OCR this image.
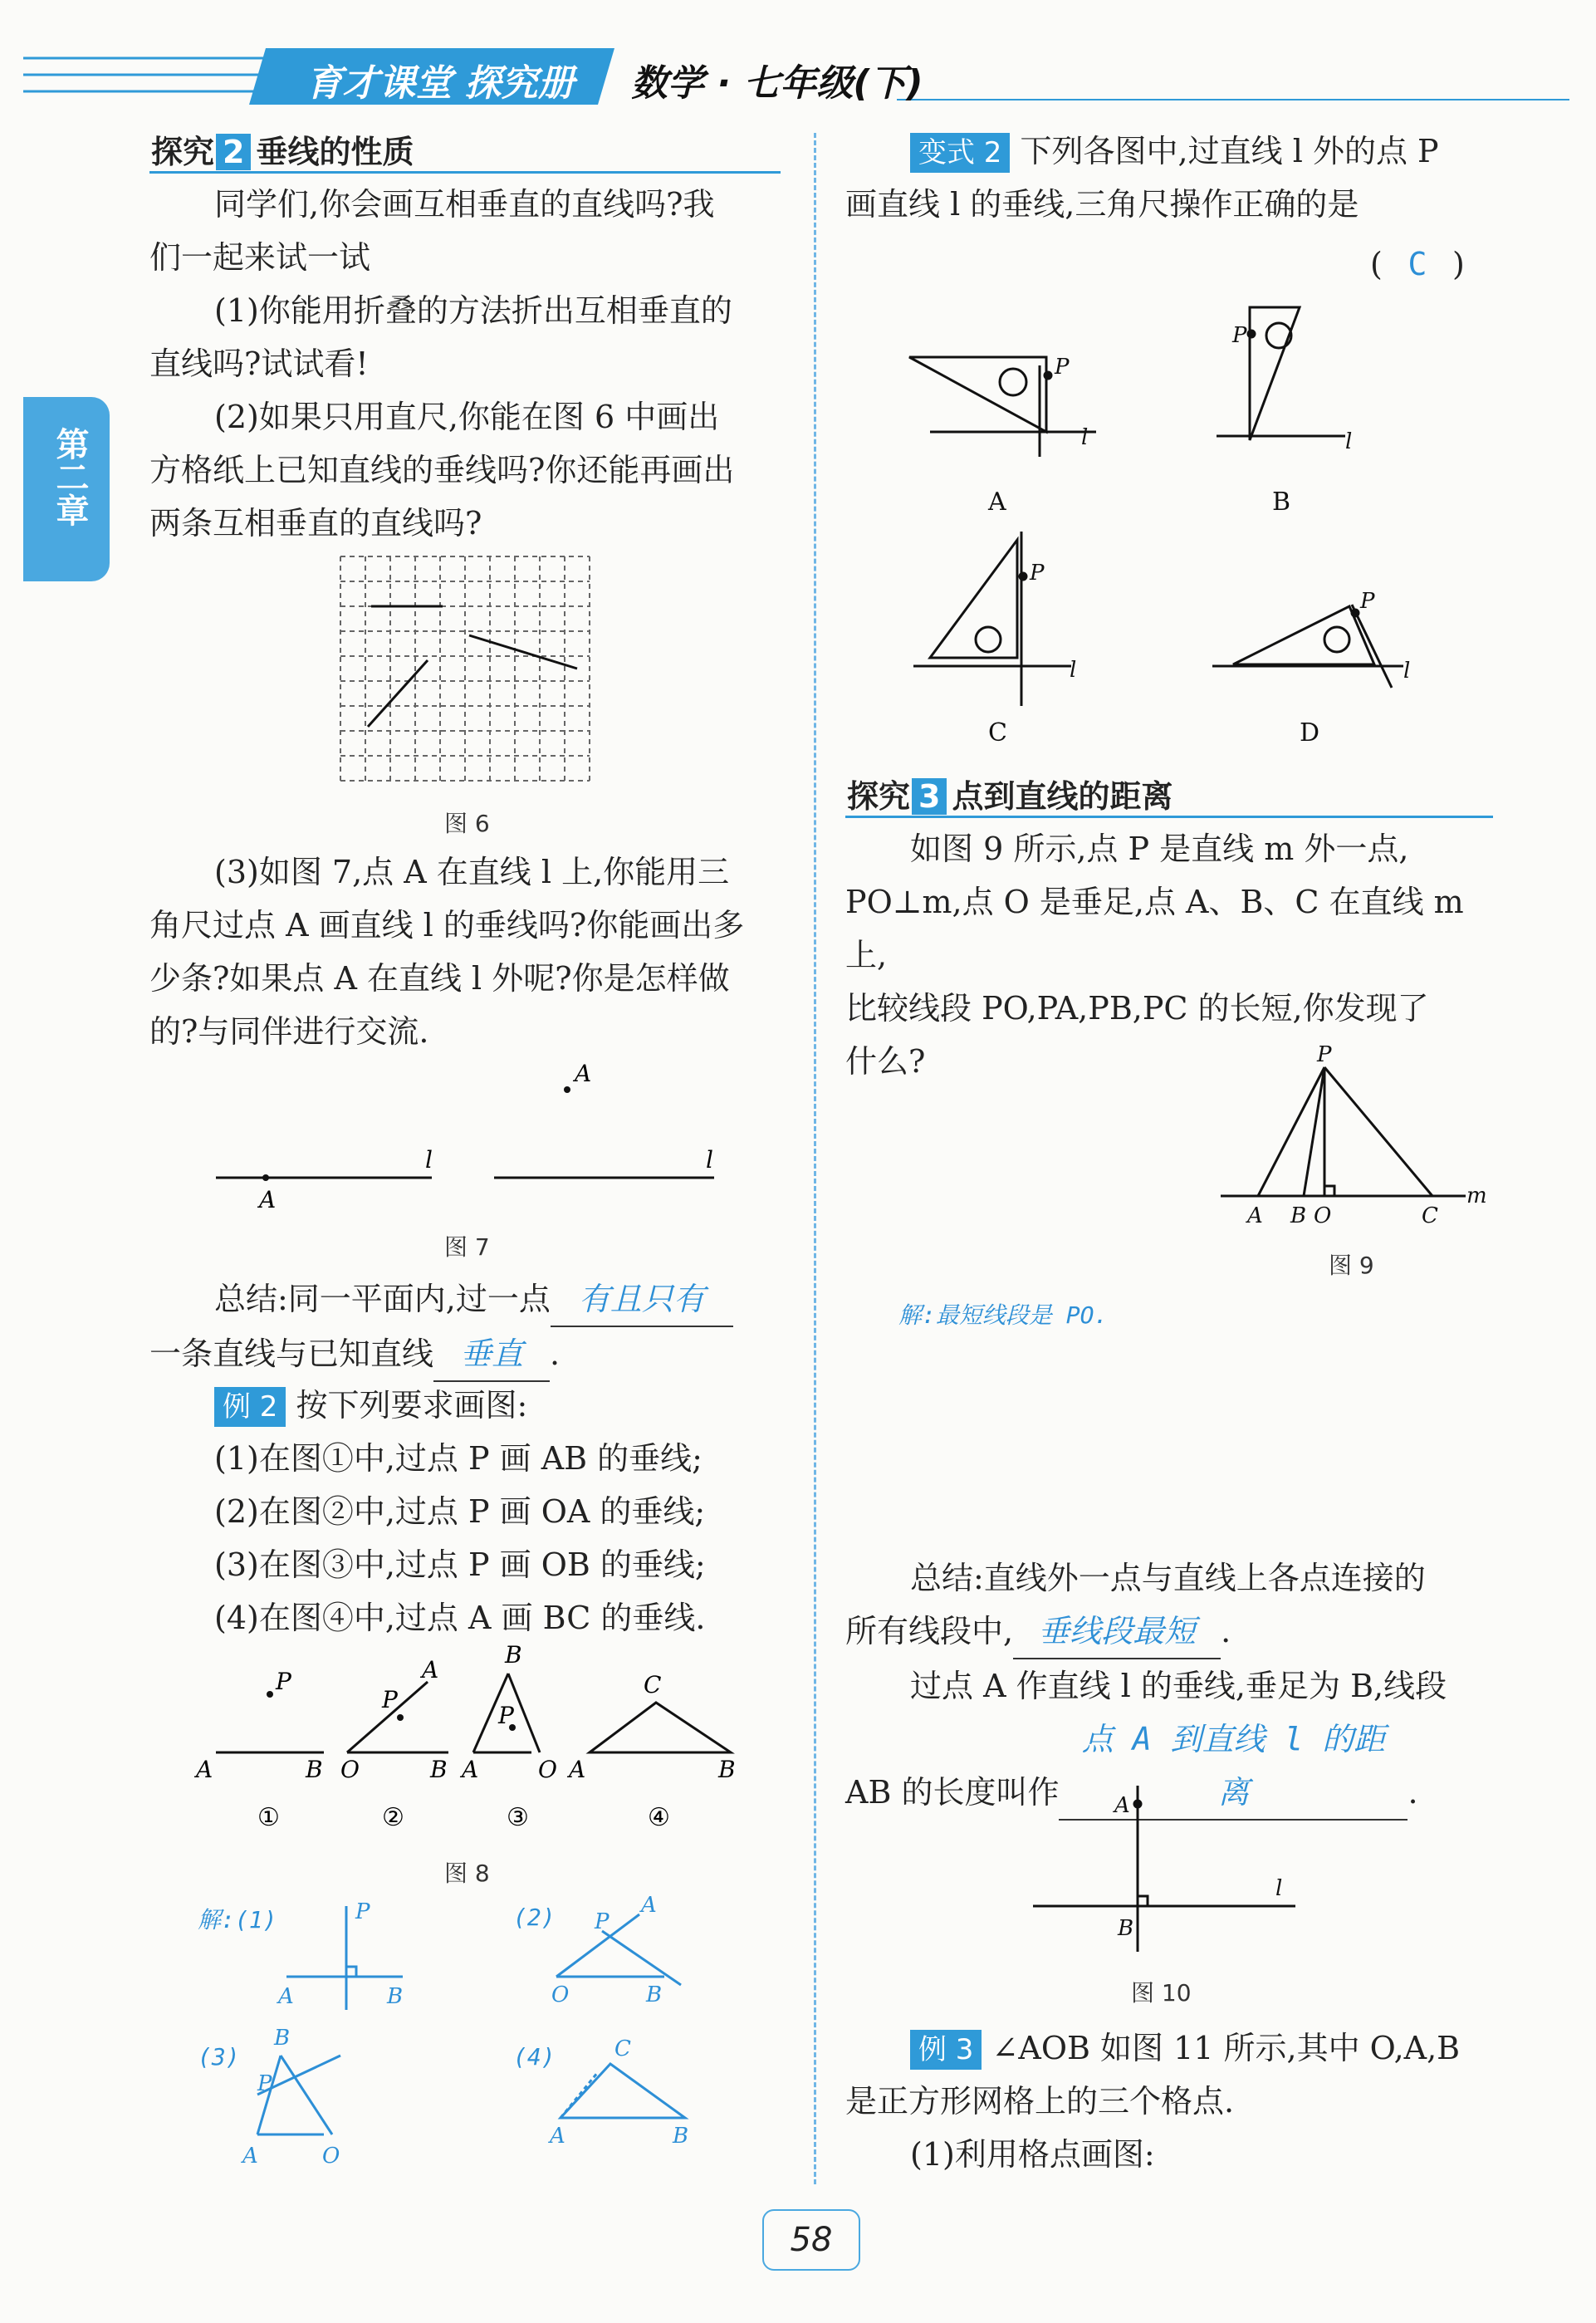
育才课堂 探究册	数学 · 七年级(下)
第二章
探究 2 垂线的性质
同学们,你会画互相垂直的直线吗?我
们一起来试一试
(1)你能用折叠的方法折出互相垂直的
直线吗?试试看!
(2)如果只用直尺,你能在图 6 中画出
方格纸上已知直线的垂线吗?你还能再画出
两条互相垂直的直线吗?
图 6
(3)如图 7,点 A 在直线 l 上,你能用三
角尺过点 A 画直线 l 的垂线吗?你能画出多
少条?如果点 A 在直线 l 外呢?你是怎样做
的?与同伴进行交流.
A
l	l
A
图 7
总结:同一平面内,过一点 有且只有
一条直线与已知直线 垂直 .
例 2 按下列要求画图:
(1)在图①中,过点 P 画 AB 的垂线;
(2)在图②中,过点 P 画 OA 的垂线;
(3)在图③中,过点 P 画 OB 的垂线;
(4)在图④中,过点 A 画 BC 的垂线.
P
A	B
P
A
O	B
P
B
A	O A
C
B
①	②	③	④
图 8
解:(1)	(2)
(3)	(4)
P
A	B
A
P
O	B
B
P
A	O
A
C
B
变式 2 下列各图中,过直线 l 外的点 P
画直线 l 的垂线,三角尺操作正确的是
( C )
P
l
P
l
P
l
P
l
A	B
C	D
探究 3 点到直线的距离
如图 9 所示,点 P 是直线 m 外一点,
PO⊥m,点 O 是垂足,点 A、B、C 在直线 m 上,
比较线段 PO,PA,PB,PC 的长短,你发现了
什么?	P
A B O	C
m
图 9
解:最短线段是 PO.
总结:直线外一点与直线上各点连接的
所有线段中, 垂线段最短 .
过点 A 作直线 l 的垂线,垂足为 B,线段
AB 的长度叫作点 A 到直线 l 的距离	.
A
B
l
图 10
例 3 ∠AOB 如图 11 所示,其中 O,A,B
是正方形网格上的三个格点.
(1)利用格点画图:
58
